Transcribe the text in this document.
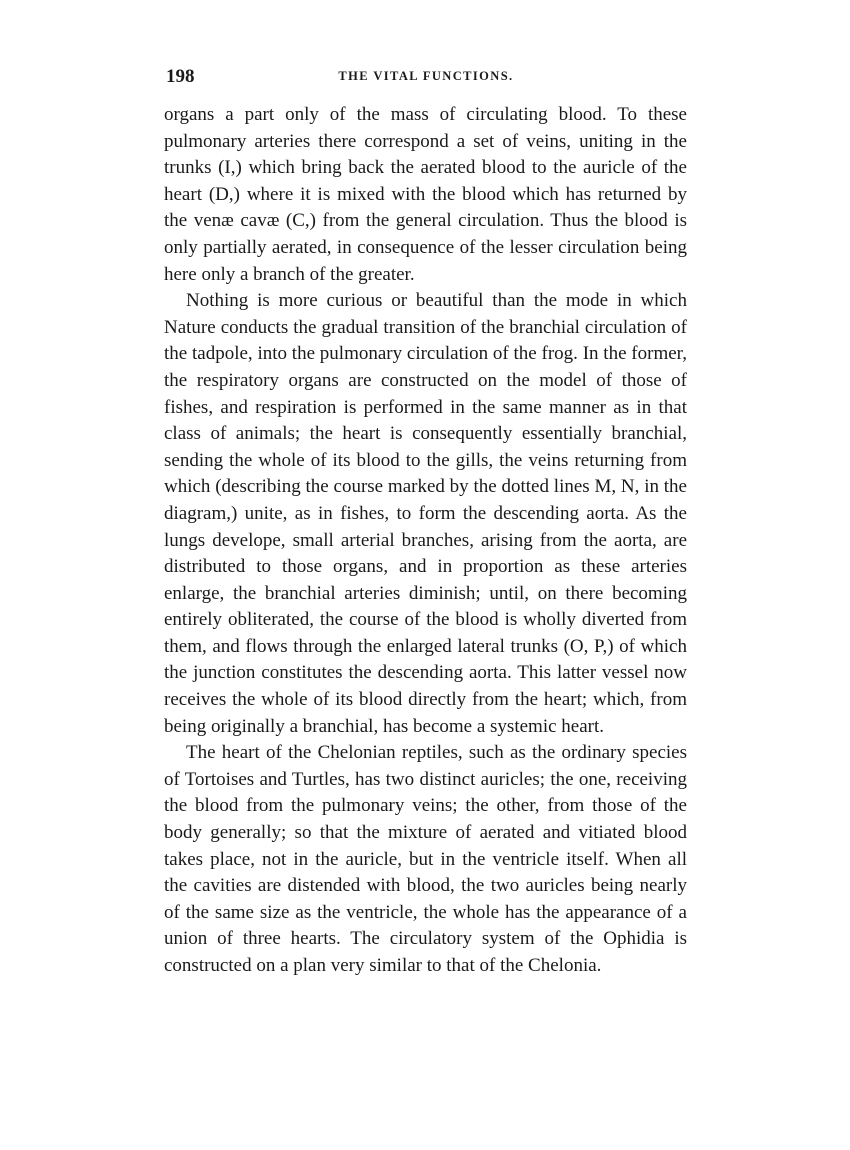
198	THE VITAL FUNCTIONS.

organs a part only of the mass of circulating blood. To these pulmonary arteries there correspond a set of veins, uniting in the trunks (I,) which bring back the aerated blood to the auricle of the heart (D,) where it is mixed with the blood which has returned by the venæ cavæ (C,) from the general circulation. Thus the blood is only partially aerated, in consequence of the lesser circulation being here only a branch of the greater.

Nothing is more curious or beautiful than the mode in which Nature conducts the gradual transition of the branchial circulation of the tadpole, into the pulmonary circulation of the frog. In the former, the respiratory organs are constructed on the model of those of fishes, and respiration is performed in the same manner as in that class of animals; the heart is consequently essentially branchial, sending the whole of its blood to the gills, the veins returning from which (describing the course marked by the dotted lines M, N, in the diagram,) unite, as in fishes, to form the descending aorta. As the lungs develope, small arterial branches, arising from the aorta, are distributed to those organs, and in proportion as these arteries enlarge, the branchial arteries diminish; until, on there becoming entirely obliterated, the course of the blood is wholly diverted from them, and flows through the enlarged lateral trunks (O, P,) of which the junction constitutes the descending aorta. This latter vessel now receives the whole of its blood directly from the heart; which, from being originally a branchial, has become a systemic heart.

The heart of the Chelonian reptiles, such as the ordinary species of Tortoises and Turtles, has two distinct auricles; the one, receiving the blood from the pulmonary veins; the other, from those of the body generally; so that the mixture of aerated and vitiated blood takes place, not in the auricle, but in the ventricle itself. When all the cavities are distended with blood, the two auricles being nearly of the same size as the ventricle, the whole has the appearance of a union of three hearts. The circulatory system of the Ophidia is constructed on a plan very similar to that of the Chelonia.
